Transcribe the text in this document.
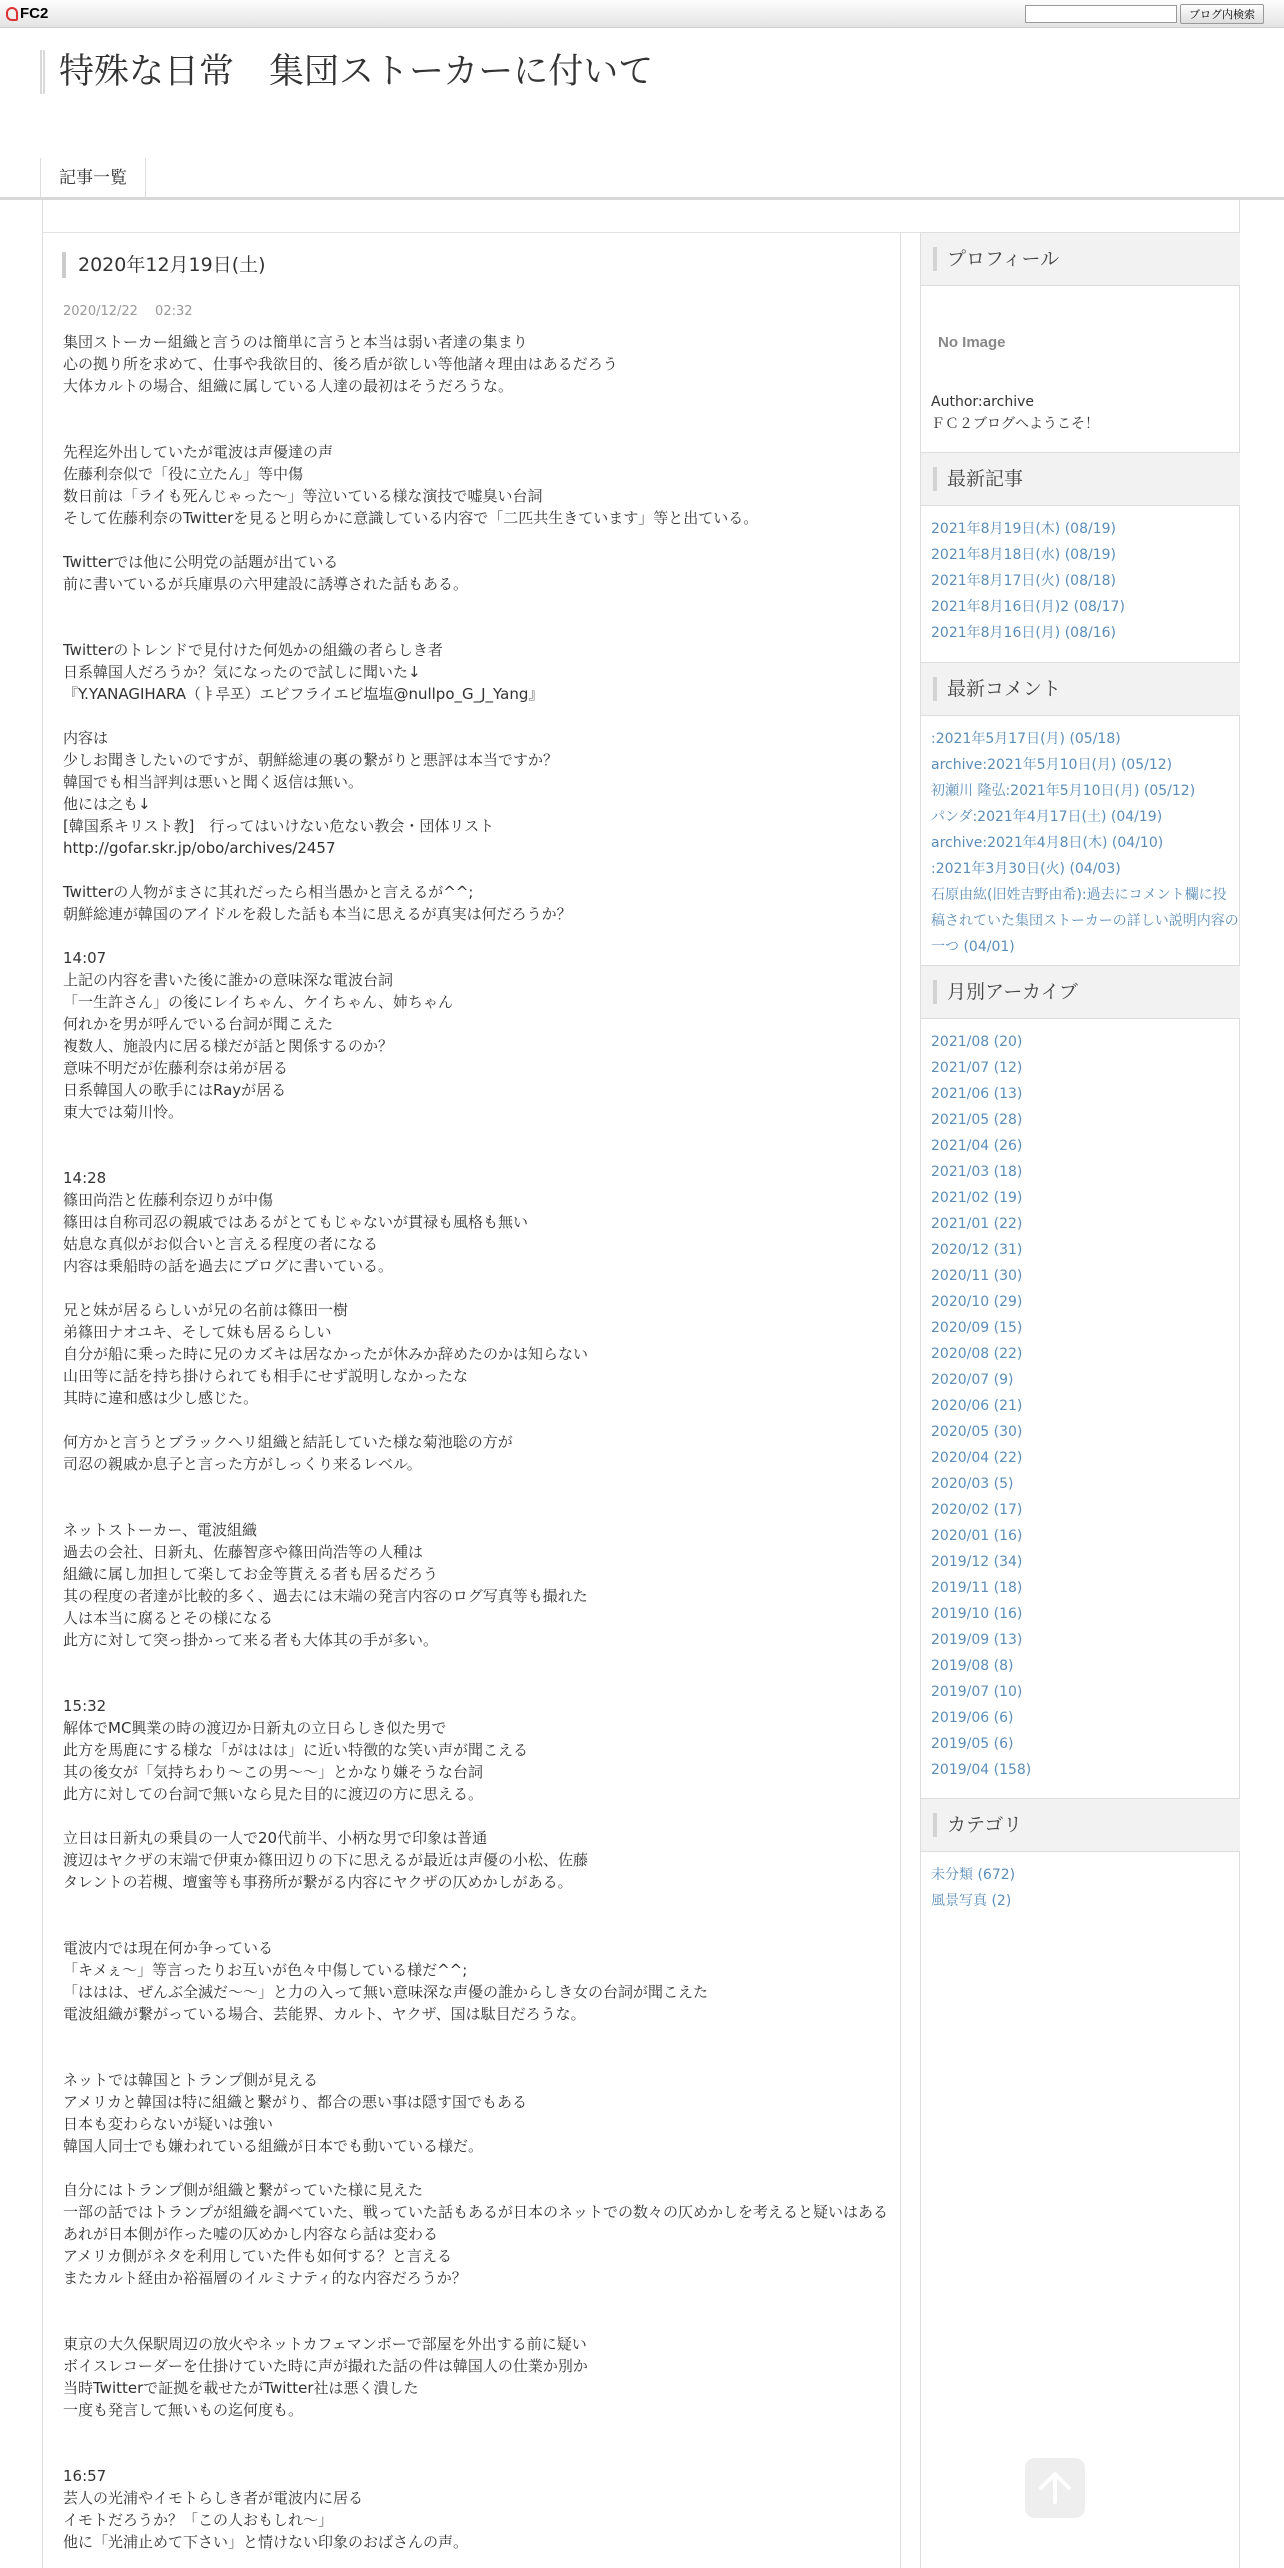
FC2	ブログ内検索
特殊な日常　集団ストーカーに付いて
記事一覧
2020年12月19日(土)
2020/12/22　 02:32

集団ストーカー組織と言うのは簡単に言うと本当は弱い者達の集まり

心の拠り所を求めて、仕事や我欲目的、後ろ盾が欲しい等他諸々理由はあるだろう

大体カルトの場合、組織に属している人達の最初はそうだろうな。

先程迄外出していたが電波は声優達の声

佐藤利奈似で「役に立たん」等中傷

数日前は「ライも死んじゃった～」等泣いている様な演技で嘘臭い台詞

そして佐藤利奈のTwitterを見ると明らかに意識している内容で「二匹共生きています」等と出ている。

Twitterでは他に公明党の話題が出ている

前に書いているが兵庫県の六甲建設に誘導された話もある。

Twitterのトレンドで見付けた何処かの組織の者らしき者

日系韓国人だろうか？気になったので試しに聞いた↓

『Y.YANAGIHARA（ㅑ루포）エビフライエビ塩塩@nullpo_G_J_Yang』

内容は

少しお聞きしたいのですが、朝鮮総連の裏の繋がりと悪評は本当ですか？

韓国でも相当評判は悪いと聞く返信は無い。

他には之も↓

[韓国系キリスト教]　行ってはいけない危ない教会・団体リスト

http://gofar.skr.jp/obo/archives/2457

Twitterの人物がまさに其れだったら相当愚かと言えるが^^;

朝鮮総連が韓国のアイドルを殺した話も本当に思えるが真実は何だろうか？

14:07

上記の内容を書いた後に誰かの意味深な電波台詞

「一生許さん」の後にレイちゃん、ケイちゃん、姉ちゃん

何れかを男が呼んでいる台詞が聞こえた

複数人、施設内に居る様だが話と関係するのか？

意味不明だが佐藤利奈は弟が居る

日系韓国人の歌手にはRayが居る

東大では菊川怜。

14:28

篠田尚浩と佐藤利奈辺りが中傷

篠田は自称司忍の親戚ではあるがとてもじゃないが貫禄も風格も無い

姑息な真似がお似合いと言える程度の者になる

内容は乗船時の話を過去にブログに書いている。

兄と妹が居るらしいが兄の名前は篠田一樹

弟篠田ナオユキ、そして妹も居るらしい

自分が船に乗った時に兄のカズキは居なかったが休みか辞めたのかは知らない

山田等に話を持ち掛けられても相手にせず説明しなかったな

其時に違和感は少し感じた。

何方かと言うとブラックヘリ組織と結託していた様な菊池聡の方が

司忍の親戚か息子と言った方がしっくり来るレベル。

ネットストーカー、電波組織

過去の会社、日新丸、佐藤智彦や篠田尚浩等の人種は

組織に属し加担して楽してお金等貰える者も居るだろう

其の程度の者達が比較的多く、過去には末端の発言内容のログ写真等も撮れた

人は本当に腐るとその様になる

此方に対して突っ掛かって来る者も大体其の手が多い。

15:32

解体でMC興業の時の渡辺か日新丸の立日らしき似た男で

此方を馬鹿にする様な「がははは」に近い特徴的な笑い声が聞こえる

其の後女が「気持ちわり～この男～～」とかなり嫌そうな台詞

此方に対しての台詞で無いなら見た目的に渡辺の方に思える。

立日は日新丸の乗員の一人で20代前半、小柄な男で印象は普通

渡辺はヤクザの末端で伊東か篠田辺りの下に思えるが最近は声優の小松、佐藤

タレントの若槻、壇蜜等も事務所が繋がる内容にヤクザの仄めかしがある。

電波内では現在何か争っている

「キメぇ～」等言ったりお互いが色々中傷している様だ^^;

「ははは、ぜんぶ全滅だ～～」と力の入って無い意味深な声優の誰からしき女の台詞が聞こえた

電波組織が繋がっている場合、芸能界、カルト、ヤクザ、国は駄目だろうな。

ネットでは韓国とトランプ側が見える

アメリカと韓国は特に組織と繋がり、都合の悪い事は隠す国でもある

日本も変わらないが疑いは強い

韓国人同士でも嫌われている組織が日本でも動いている様だ。

自分にはトランプ側が組織と繋がっていた様に見えた

一部の話ではトランプが組織を調べていた、戦っていた話もあるが日本のネットでの数々の仄めかしを考えると疑いはある

あれが日本側が作った嘘の仄めかし内容なら話は変わる

アメリカ側がネタを利用していた件も如何する？と言える

またカルト経由か裕福層のイルミナティ的な内容だろうか？

東京の大久保駅周辺の放火やネットカフェマンボーで部屋を外出する前に疑い

ボイスレコーダーを仕掛けていた時に声が撮れた話の件は韓国人の仕業か別か

当時Twitterで証拠を載せたがTwitter社は悪く潰した

一度も発言して無いもの迄何度も。

16:57

芸人の光浦やイモトらしき者が電波内に居る

イモトだろうか？「この人おもしれ～」

他に「光浦止めて下さい」と情けない印象のおばさんの声。

プロフィール
No Image
Author:archive
ＦＣ２ブログへようこそ！
最新記事
2021年8月19日(木) (08/19)
2021年8月18日(水) (08/19)
2021年8月17日(火) (08/18)
2021年8月16日(月)2 (08/17)
2021年8月16日(月) (08/16)
最新コメント
:2021年5月17日(月) (05/18)
archive:2021年5月10日(月) (05/12)
初瀬川 隆弘:2021年5月10日(月) (05/12)
パンダ:2021年4月17日(土) (04/19)
archive:2021年4月8日(木) (04/10)
:2021年3月30日(火) (04/03)
石原由紘(旧姓吉野由希):過去にコメント欄に投稿されていた集団ストーカーの詳しい説明内容の一つ (04/01)
月別アーカイブ
2021/08 (20)
2021/07 (12)
2021/06 (13)
2021/05 (28)
2021/04 (26)
2021/03 (18)
2021/02 (19)
2021/01 (22)
2020/12 (31)
2020/11 (30)
2020/10 (29)
2020/09 (15)
2020/08 (22)
2020/07 (9)
2020/06 (21)
2020/05 (30)
2020/04 (22)
2020/03 (5)
2020/02 (17)
2020/01 (16)
2019/12 (34)
2019/11 (18)
2019/10 (16)
2019/09 (13)
2019/08 (8)
2019/07 (10)
2019/06 (6)
2019/05 (6)
2019/04 (158)
カテゴリ
未分類 (672)
風景写真 (2)
